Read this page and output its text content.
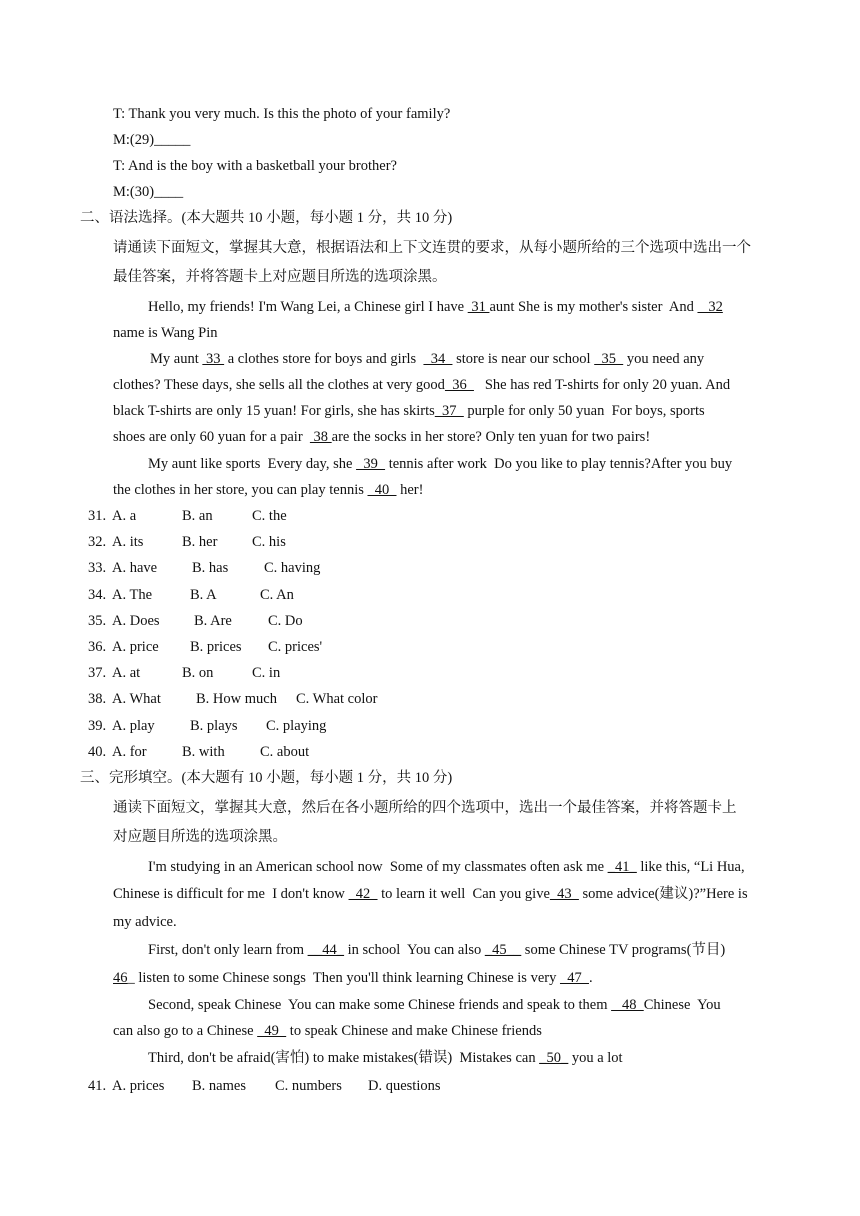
T: Thank you very much. Is this the photo of your family?
M:(29)_____
T: And is the boy with a basketball your brother?
M:(30)____
二、语法选择。(本大题共 10 小题，每小题 1 分，共 10 分)
请通读下面短文，掌握其大意，根据语法和上下文连贯的要求，从每小题所给的三个选项中选出一个
最佳答案，并将答题卡上对应题目所选的选项涂黑。
Hello, my friends! I'm Wang Lei, a Chinese girl I have  31 aunt She is my mother's sister  And    32
name is Wang Pin
My aunt  33  a clothes store for boys and girls    34   store is near our school   35   you need any
clothes? These days, she sells all the clothes at very good  36     She has red T-shirts for only 20 yuan. And
black T-shirts are only 15 yuan! For girls, she has skirts  37   purple for only 50 yuan  For boys, sports
shoes are only 60 yuan for a pair   38 are the socks in her store? Only ten yuan for two pairs!
My aunt like sports  Every day, she   39   tennis after work  Do you like to play tennis?After you buy
the clothes in her store, you can play tennis   40   her!
31. A. a	B. an	C. the
32. A. its	B. her C. his
33. A. have B. has C. having
34. A. The	B. A	C. An
35. A. Does B. Are C. Do
36. A. price B. prices C. prices'
37. A. at	B. on	C. in
38. A. What B. How much C. What color
39. A. play B. plays C. playing
40. A. for B. with C. about
三、完形填空。(本大题有 10 小题，每小题 1 分，共 10 分)
通读下面短文，掌握其大意，然后在各小题所给的四个选项中，选出一个最佳答案，并将答题卡上
对应题目所选的选项涂黑。
I'm studying in an American school now  Some of my classmates often ask me _41_ like this, “Li Hua,
Chinese is difficult for me  I don't know   42   to learn it well  Can you give  43   some advice(建议)?”Here is
my advice.
First, don't only learn from __44_ in school  You can also _45__ some Chinese TV programs(节目)
46_ listen to some Chinese songs  Then you'll think learning Chinese is very   47  .
Second, speak Chinese  You can make some Chinese friends and speak to them    48  Chinese  You
can also go to a Chinese   49   to speak Chinese and make Chinese friends
Third, don't be afraid(害怕) to make mistakes(错误)  Mistakes can _50_ you a lot
41. A. prices B. names C. numbers D. questions
